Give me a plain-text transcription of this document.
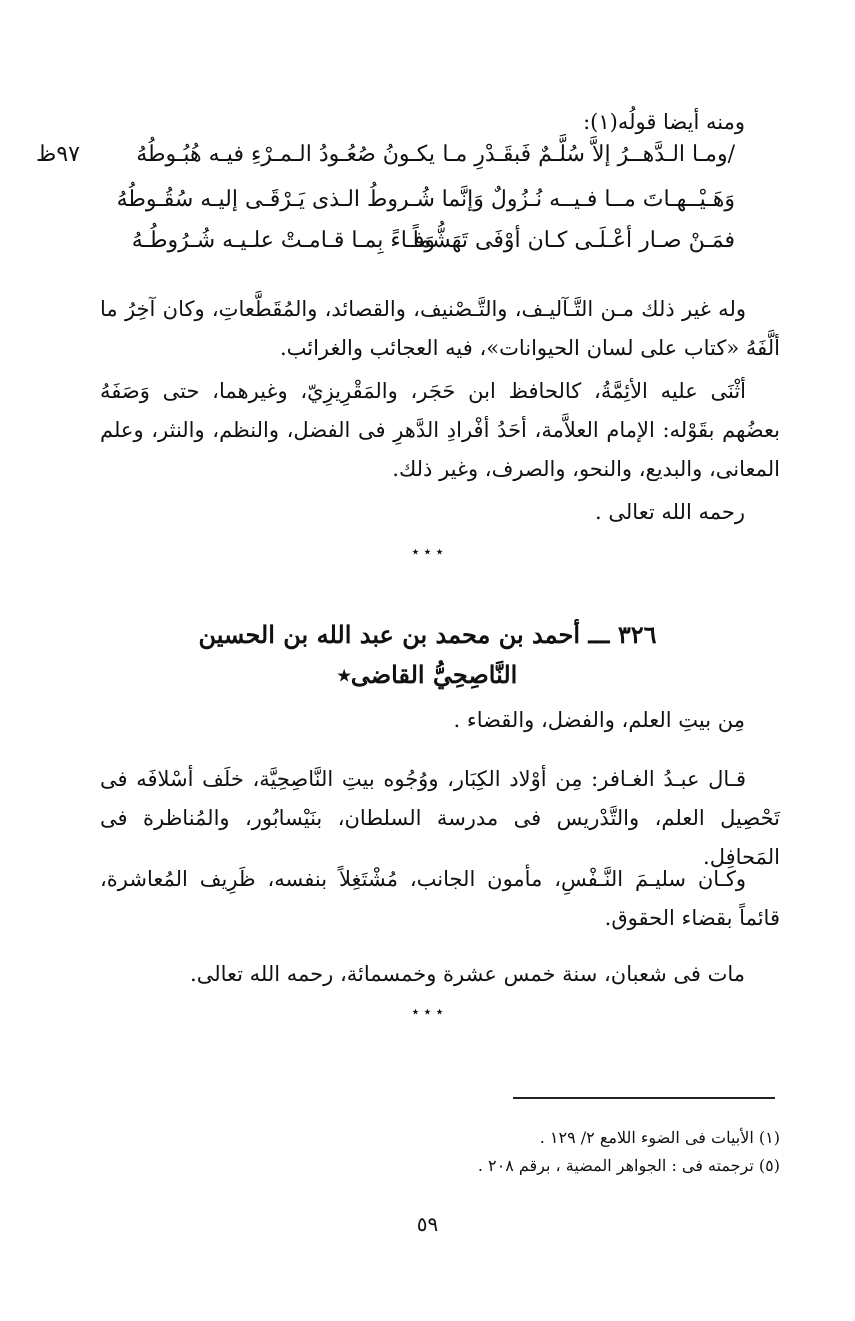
ومنه أيضا قولُه(١):
٩٧ظ	/ومـا الـدَّهــرُ إلاَّ سُلَّـمٌ فَبقَـدْرِ مـا
يكـونُ صُعُـودُ الـمـرْءِ فيـه هُبُـوطُهُ
وَهَـيْــهـاتَ مــا فـيــه نُـزُولٌ وَإنَّما
شُـروطُ الـذى يَـرْقَـى إليـه سُقُـوطُهُ
فمَـنْ صـار أعْـلَـى كـان أوْفَى تَهَشُّماً
وَفـاءً بِمـا قـامـتْ علـيـه شُـرُوطُـهُ
وله غير ذلك مـن التَّـآليـف، والتَّـصْنيف، والقصائد، والمُقَطَّعاتِ، وكان آخِرُ ما ألَّفَهُ «كتاب على لسان الحيوانات»، فيه العجائب والغرائب.
أثْنَى عليه الأئِمَّةُ، كالحافظ ابن حَجَر، والمَقْرِيزِيّ، وغيرهما، حتى وَصَفَهُ بعضُهم بقَوْله: الإمام العلاَّمة، أحَدُ أفْرادِ الدَّهرِ فى الفضل، والنظم، والنثر، وعلم المعانى، والبديع، والنحو، والصرف، وغير ذلك.
رحمه الله تعالى .
٭ ٭ ٭
٣٢٦ ـــ أحمد بن محمد بن عبد الله بن الحسين
النَّاصِحِيُّ القاضى٭
مِن بيتِ العلم، والفضل، والقضاء .
قـال عبـدُ الغـافر: مِن أوْلاد الكِبَار، ووُجُوه بيتِ النَّاصِحِيَّة، خلَف أسْلافَه فى تَحْصِيل العلم، والتَّدْريس فى مدرسة السلطان، بنَيْسابُور، والمُناظرة فى المَحافِل.
وكـان سليـمَ النَّـفْسِ، مأمون الجانب، مُشْتَغِلاً بنفسه، ظَرِيف المُعاشرة، قائماً بقضاء الحقوق.
مات فى شعبان، سنة خمس عشرة وخمسمائة، رحمه الله تعالى.
٭ ٭ ٭
(١) الأبيات فى الضوء اللامع ٢/ ١٢٩ .
(٥) ترجمته فى : الجواهر المضية ، برقم ٢٠٨ .
٥٩
